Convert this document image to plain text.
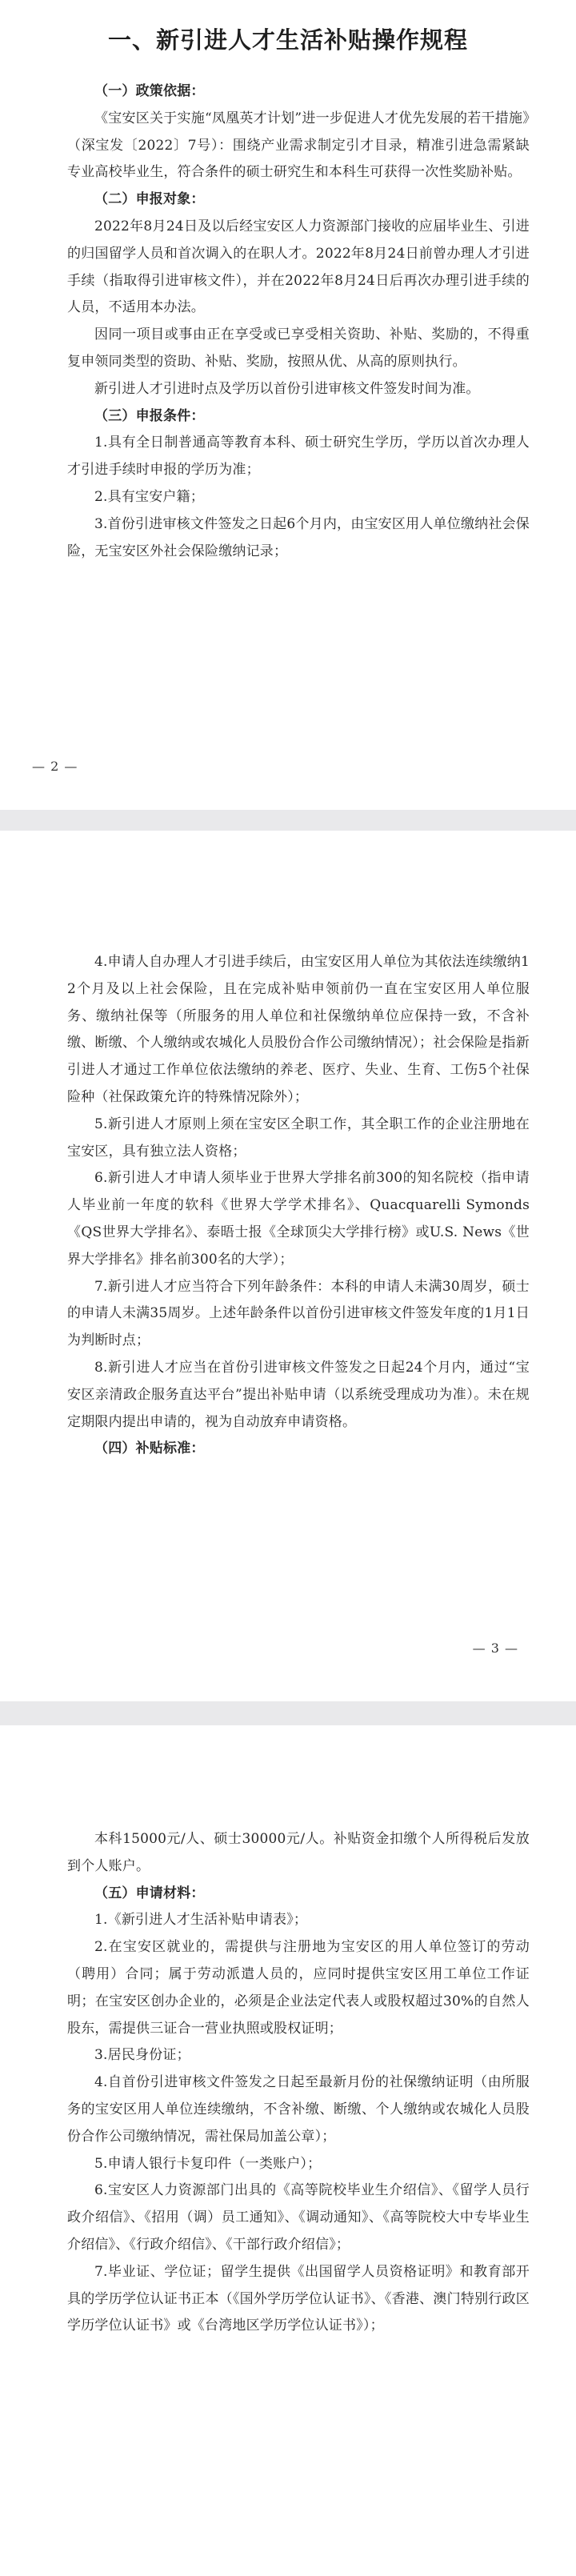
一、新引进人才生活补贴操作规程

（一）政策依据：

《宝安区关于实施“凤凰英才计划”进一步促进人才优先发展的若干措施》（深宝发〔2022〕7号）：围绕产业需求制定引才目录，精准引进急需紧缺专业高校毕业生，符合条件的硕士研究生和本科生可获得一次性奖励补贴。

（二）申报对象：

2022年8月24日及以后经宝安区人力资源部门接收的应届毕业生、引进的归国留学人员和首次调入的在职人才。2022年8月24日前曾办理人才引进手续（指取得引进审核文件），并在2022年8月24日后再次办理引进手续的人员，不适用本办法。

因同一项目或事由正在享受或已享受相关资助、补贴、奖励的，不得重复申领同类型的资助、补贴、奖励，按照从优、从高的原则执行。

新引进人才引进时点及学历以首份引进审核文件签发时间为准。

（三）申报条件：

1.具有全日制普通高等教育本科、硕士研究生学历，学历以首次办理人才引进手续时申报的学历为准；

2.具有宝安户籍；

3.首份引进审核文件签发之日起6个月内，由宝安区用人单位缴纳社会保险，无宝安区外社会保险缴纳记录；

— 2 —

4.申请人自办理人才引进手续后，由宝安区用人单位为其依法连续缴纳12个月及以上社会保险，且在完成补贴申领前仍一直在宝安区用人单位服务、缴纳社保等（所服务的用人单位和社保缴纳单位应保持一致，不含补缴、断缴、个人缴纳或农城化人员股份合作公司缴纳情况）；社会保险是指新引进人才通过工作单位依法缴纳的养老、医疗、失业、生育、工伤5个社保险种（社保政策允许的特殊情况除外）；

5.新引进人才原则上须在宝安区全职工作，其全职工作的企业注册地在宝安区，具有独立法人资格；

6.新引进人才申请人须毕业于世界大学排名前300的知名院校（指申请人毕业前一年度的软科《世界大学学术排名》、Quacquarelli Symonds《QS世界大学排名》、泰晤士报《全球顶尖大学排行榜》或U.S. News《世界大学排名》排名前300名的大学）；

7.新引进人才应当符合下列年龄条件：本科的申请人未满30周岁，硕士的申请人未满35周岁。上述年龄条件以首份引进审核文件签发年度的1月1日为判断时点；

8.新引进人才应当在首份引进审核文件签发之日起24个月内，通过“宝安区亲清政企服务直达平台”提出补贴申请（以系统受理成功为准）。未在规定期限内提出申请的，视为自动放弃申请资格。

（四）补贴标准：

— 3 —

本科15000元/人、硕士30000元/人。补贴资金扣缴个人所得税后发放到个人账户。

（五）申请材料：

1.《新引进人才生活补贴申请表》；

2.在宝安区就业的，需提供与注册地为宝安区的用人单位签订的劳动（聘用）合同；属于劳动派遣人员的，应同时提供宝安区用工单位工作证明；在宝安区创办企业的，必须是企业法定代表人或股权超过30%的自然人股东，需提供三证合一营业执照或股权证明；

3.居民身份证；

4.自首份引进审核文件签发之日起至最新月份的社保缴纳证明（由所服务的宝安区用人单位连续缴纳，不含补缴、断缴、个人缴纳或农城化人员股份合作公司缴纳情况，需社保局加盖公章）；

5.申请人银行卡复印件（一类账户）；

6.宝安区人力资源部门出具的《高等院校毕业生介绍信》、《留学人员行政介绍信》、《招用（调）员工通知》、《调动通知》、《高等院校大中专毕业生介绍信》、《行政介绍信》、《干部行政介绍信》；

7.毕业证、学位证；留学生提供《出国留学人员资格证明》和教育部开具的学历学位认证书正本（《国外学历学位认证书》、《香港、澳门特别行政区学历学位认证书》或《台湾地区学历学位认证书》）；
